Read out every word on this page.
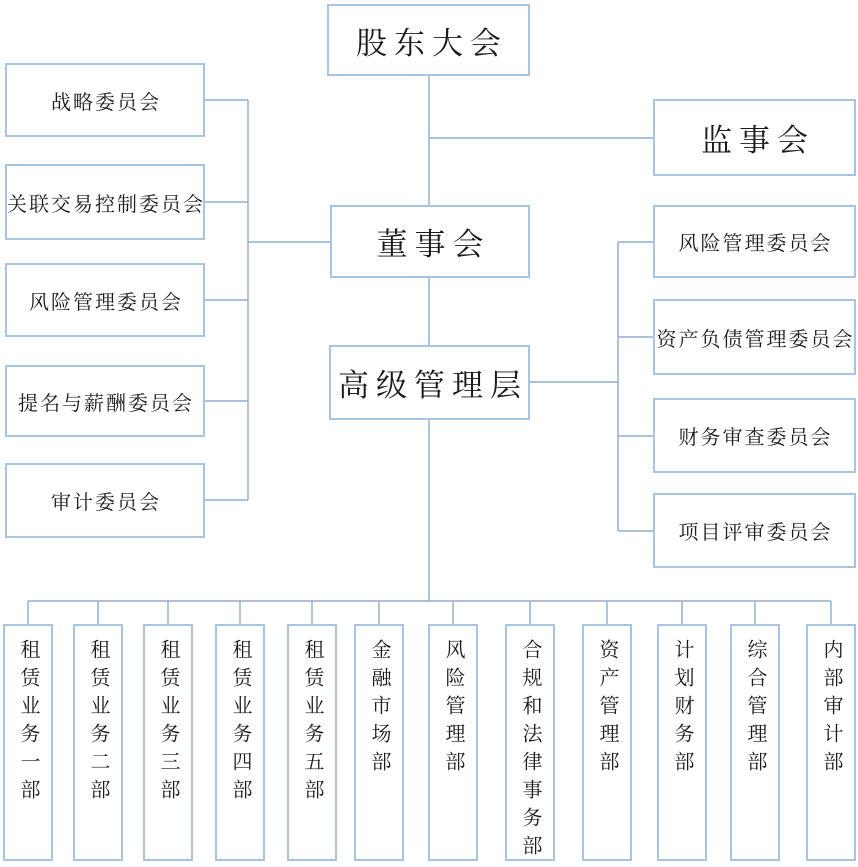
股东大会
董事会
高级管理层
监事会
战略委员会
关联交易控制委员会
风险管理委员会
提名与薪酬委员会
审计委员会
风险管理委员会
资产负债管理委员会
财务审查委员会
项目评审委员会
租赁业务一部 租赁业务二部 租赁业务三部	租赁业务四部	租赁业务五部 金融市场部	风险管理部	合规和法律事务部	资产管理部	计划财务部	综合管理部	内部审计部
